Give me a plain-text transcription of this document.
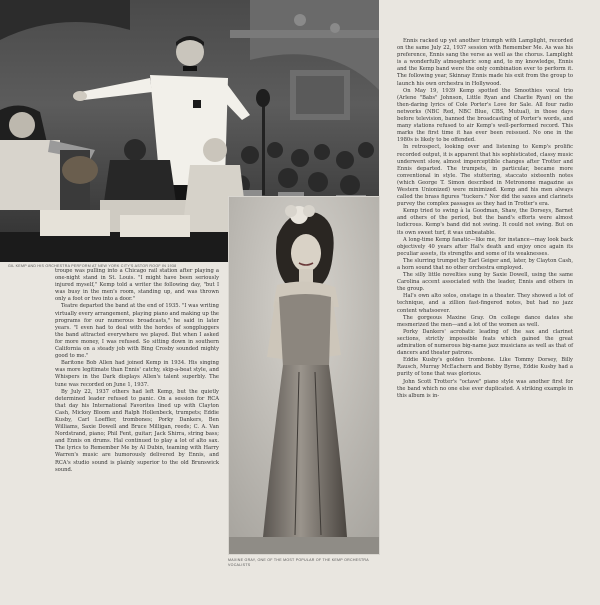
GIL KEMP AND HIS ORCHESTRA PERFORM AT NEW YORK CITY'S ASTOR ROOF IN 1938

troupe was pulling into a Chicago rail station after playing a one-night stand in St. Louis. "I might have been seriously injured myself," Kemp told a writer the following day, "but I was busy in the men's room, standing up, and was thrown only a foot or two into a door."

Teatre departed the band at the end of 1935. "I was writing virtually every arrangement, playing piano and making up the programs for our numerous broadcasts," he said in later years. "I even had to deal with the hordes of songpluggers the band attracted everywhere we played. But when I asked for more money, I was refused. So sitting down in southern California on a steady job with Bing Crosby sounded mighty good to me."

Baritone Bob Allen had joined Kemp in 1934. His singing was more legitimate than Ennis' catchy, skip-a-beat style, and Whispers in the Dark displays Allen's talent superbly. The tune was recorded on June 1, 1937.

By July 22, 1937 others had left Kemp, but the quietly determined leader refused to panic. On a session for RCA that day his International Favorites lined up with Clayton Cash, Mickey Bloom and Ralph Hollenbeck, trumpets; Eddie Kusby, Carl Loeffler, trombones; Porky Dankers, Ben Williams, Saxie Dowell and Bruce Milligan, reeds; C. A. Van Nordstrand, piano; Phil Fent, guitar; Jack Shirra, string bass; and Ennis on drums. Hal continued to play a lot of alto sax. The lyrics to Remember Me by Al Dubin, teaming with Harry Warren's music are humorously delivered by Ennis, and RCA's studio sound is plainly superior to the old Brunswick sound.

MAXINE GRAY, ONE OF THE MOST POPULAR OF THE KEMP ORCHESTRA VOCALISTS

Ennis racked up yet another triumph with Lamplight, recorded on the same July 22, 1937 session with Remember Me. As was his preference, Ennis sang the verse as well as the chorus. Lamplight is a wonderfully atmospheric song and, to my knowledge, Ennis and the Kemp band were the only combination ever to perform it. The following year, Skinnay Ennis made his exit from the group to launch his own orchestra in Hollywood.

On May 19, 1939 Kemp spotted the Smoothies vocal trio (Arlene "Babs" Johnson, Little Ryan and Charlie Ryan) on the then-daring lyrics of Cole Porter's Love for Sale. All four radio networks (NBC Red, NBC Blue, CBS, Mutual), in those days before television, banned the broadcasting of Porter's words, and many stations refused to air Kemp's well-performed record. This marks the first time it has ever been reissued. No one in the 1980s is likely to be offended.

In retrospect, looking over and listening to Kemp's prolific recorded output, it is apparent that his sophisticated, classy music underwent slow, almost imperceptible changes after Trotter and Ennis departed. The trumpets, in particular, became more conventional in style. The stuttering, staccato sixteenth notes (which George T. Simon described in Metronome magazine as Western Unionized) were minimized. Kemp and his men always called the brass figures "tuckers." Nor did the saxes and clarinets purvey the complex passages as they had in Trotter's era.

Kemp tried to swing à la Goodman, Shaw, the Dorseys, Barnet and others of the period, but the band's efforts were almost ludicrous. Kemp's band did not swing. It could not swing. But on its own sweet turf, it was unbeatable.

A long-time Kemp fanatic—like me, for instance—may look back objectively 40 years after Hal's death and enjoy once again its peculiar assets, its strengths and some of its weaknesses.

The slurring trumpet by Earl Geiger and, later, by Clayton Cash, a horn sound that no other orchestra employed.

The silly little novelties sung by Saxie Dowell, using the same Carolina accent associated with the leader, Ennis and others in the group.

Hal's own alto solos, onstage in a theater. They showed a lot of technique, and a zillion fast-fingered notes, but had no jazz content whatsoever.

The gorgeous Maxine Gray. On college dance dates she mesmerized the men—and a lot of the women as well.

Porky Dankers' acrobatic leading of the sax and clarinet sections, strictly impossible feats which gained the great admiration of numerous big-name jazz musicians as well as that of dancers and theater patrons.

Eddie Kusby's golden trombone. Like Tommy Dorsey, Billy Rausch, Murray McEachern and Bobby Byrne, Eddie Kusby had a purity of tone that was glorious.

John Scott Trotter's "octave" piano style was another first for the band which no one else ever duplicated. A striking example in this album is in-
